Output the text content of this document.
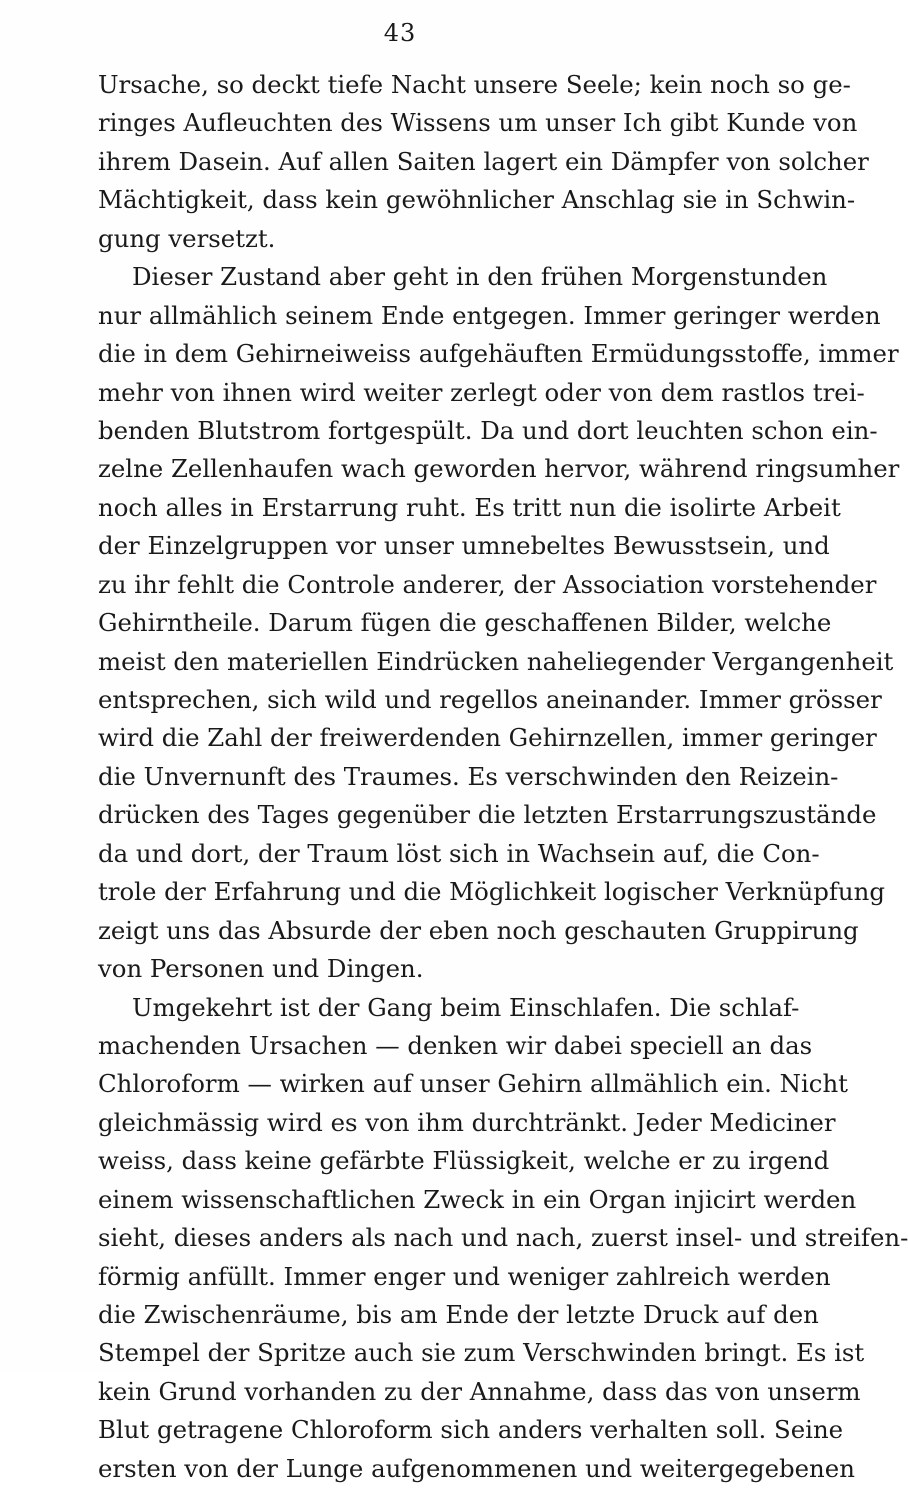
43
Ursache, so deckt tiefe Nacht unsere Seele; kein noch so ge-
ringes Aufleuchten des Wissens um unser Ich gibt Kunde von
ihrem Dasein. Auf allen Saiten lagert ein Dämpfer von solcher
Mächtigkeit, dass kein gewöhnlicher Anschlag sie in Schwin-
gung versetzt.
Dieser Zustand aber geht in den frühen Morgenstunden
nur allmählich seinem Ende entgegen. Immer geringer werden
die in dem Gehirneiweiss aufgehäuften Ermüdungsstoffe, immer
mehr von ihnen wird weiter zerlegt oder von dem rastlos trei-
benden Blutstrom fortgespült. Da und dort leuchten schon ein-
zelne Zellenhaufen wach geworden hervor, während ringsumher
noch alles in Erstarrung ruht. Es tritt nun die isolirte Arbeit
der Einzelgruppen vor unser umnebeltes Bewusstsein, und
zu ihr fehlt die Controle anderer, der Association vorstehender
Gehirntheile. Darum fügen die geschaffenen Bilder, welche
meist den materiellen Eindrücken naheliegender Vergangenheit
entsprechen, sich wild und regellos aneinander. Immer grösser
wird die Zahl der freiwerdenden Gehirnzellen, immer geringer
die Unvernunft des Traumes. Es verschwinden den Reizein-
drücken des Tages gegenüber die letzten Erstarrungszustände
da und dort, der Traum löst sich in Wachsein auf, die Con-
trole der Erfahrung und die Möglichkeit logischer Verknüpfung
zeigt uns das Absurde der eben noch geschauten Gruppirung
von Personen und Dingen.
Umgekehrt ist der Gang beim Einschlafen. Die schlaf-
machenden Ursachen — denken wir dabei speciell an das
Chloroform — wirken auf unser Gehirn allmählich ein. Nicht
gleichmässig wird es von ihm durchtränkt. Jeder Mediciner
weiss, dass keine gefärbte Flüssigkeit, welche er zu irgend
einem wissenschaftlichen Zweck in ein Organ injicirt werden
sieht, dieses anders als nach und nach, zuerst insel- und streifen-
förmig anfüllt. Immer enger und weniger zahlreich werden
die Zwischenräume, bis am Ende der letzte Druck auf den
Stempel der Spritze auch sie zum Verschwinden bringt. Es ist
kein Grund vorhanden zu der Annahme, dass das von unserm
Blut getragene Chloroform sich anders verhalten soll. Seine
ersten von der Lunge aufgenommenen und weitergegebenen
